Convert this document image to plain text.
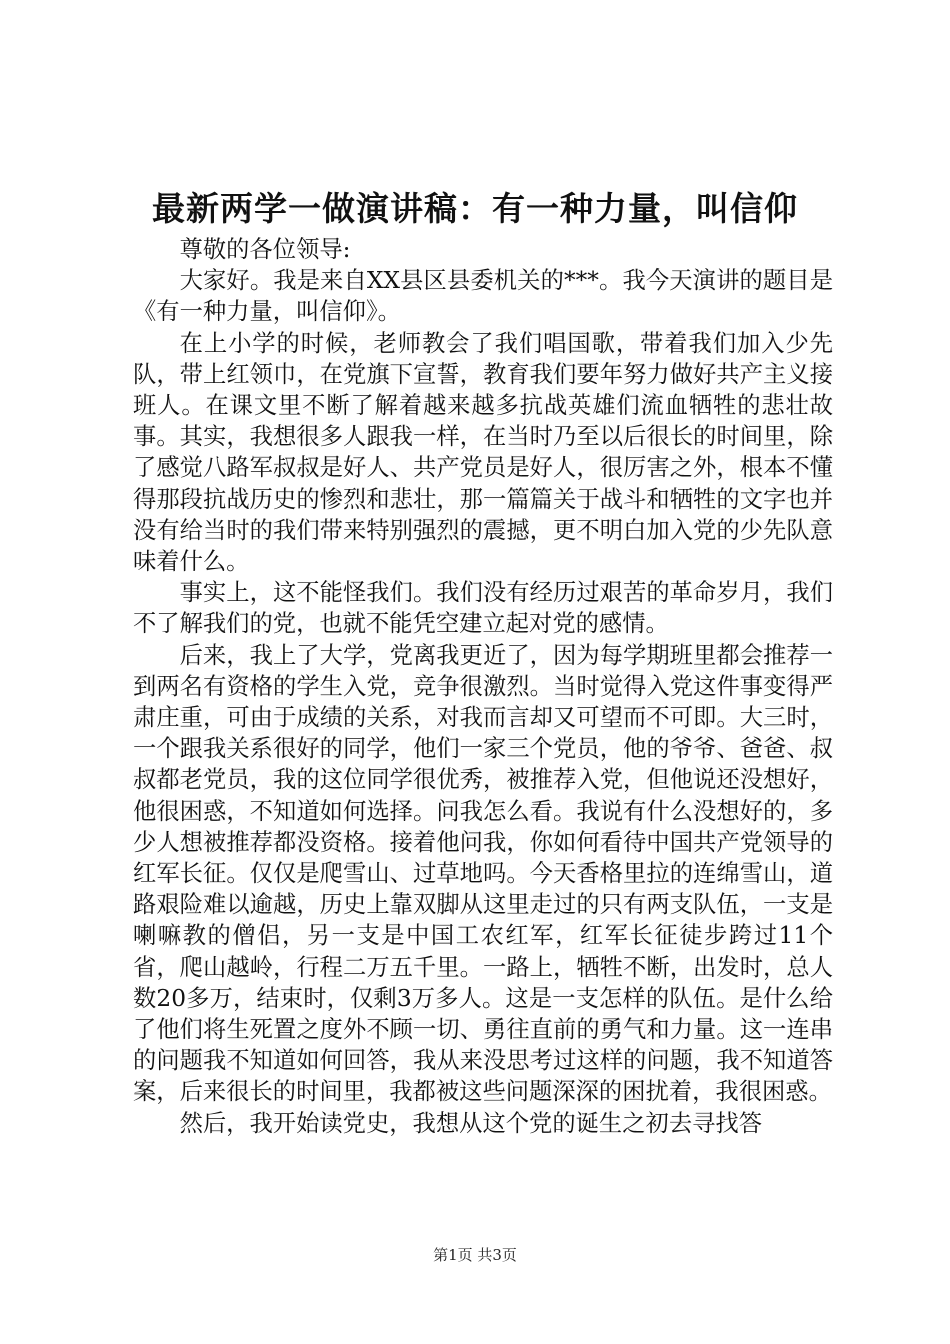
最新两学一做演讲稿：有一种力量，叫信仰

尊敬的各位领导:

大家好。我是来自XX县区县委机关的***。我今天演讲的题目是《有一种力量，叫信仰》。

在上小学的时候，老师教会了我们唱国歌，带着我们加入少先队，带上红领巾，在党旗下宣誓，教育我们要年努力做好共产主义接班人。在课文里不断了解着越来越多抗战英雄们流血牺牲的悲壮故事。其实，我想很多人跟我一样，在当时乃至以后很长的时间里，除了感觉八路军叔叔是好人、共产党员是好人，很厉害之外，根本不懂得那段抗战历史的惨烈和悲壮，那一篇篇关于战斗和牺牲的文字也并没有给当时的我们带来特别强烈的震撼，更不明白加入党的少先队意味着什么。

事实上，这不能怪我们。我们没有经历过艰苦的革命岁月，我们不了解我们的党，也就不能凭空建立起对党的感情。

后来，我上了大学，党离我更近了，因为每学期班里都会推荐一到两名有资格的学生入党，竞争很激烈。当时觉得入党这件事变得严肃庄重，可由于成绩的关系，对我而言却又可望而不可即。大三时，一个跟我关系很好的同学，他们一家三个党员，他的爷爷、爸爸、叔叔都老党员，我的这位同学很优秀，被推荐入党，但他说还没想好，他很困惑，不知道如何选择。问我怎么看。我说有什么没想好的，多少人想被推荐都没资格。接着他问我，你如何看待中国共产党领导的红军长征。仅仅是爬雪山、过草地吗。今天香格里拉的连绵雪山，道路艰险难以逾越，历史上靠双脚从这里走过的只有两支队伍，一支是喇嘛教的僧侣，另一支是中国工农红军，红军长征徒步跨过11个省，爬山越岭，行程二万五千里。一路上，牺牲不断，出发时，总人数20多万，结束时，仅剩3万多人。这是一支怎样的队伍。是什么给了他们将生死置之度外不顾一切、勇往直前的勇气和力量。这一连串的问题我不知道如何回答，我从来没思考过这样的问题，我不知道答案，后来很长的时间里，我都被这些问题深深的困扰着，我很困惑。

然后，我开始读党史，我想从这个党的诞生之初去寻找答

第1页 共3页
